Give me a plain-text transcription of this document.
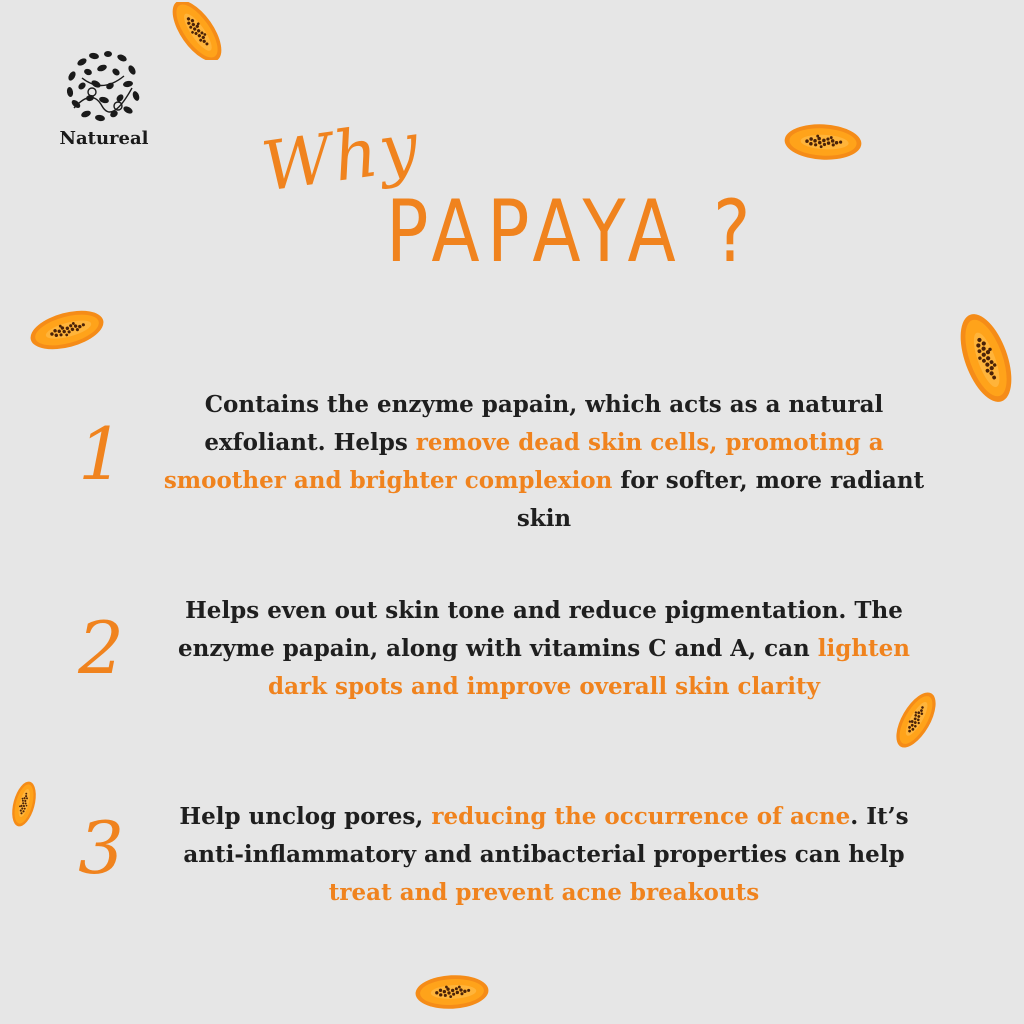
Natureal Why
PAPAYA ?
1
Contains the enzyme papain, which acts as a natural exfoliant. Helps remove dead skin cells, promoting a smoother and brighter complexion for softer, more radiant skin
2	Helps even out skin tone and reduce pigmentation. The enzyme papain, along with vitamins C and A, can lighten dark spots and improve overall skin clarity
3	Help unclog pores, reducing the occurrence of acne. It’s anti-inflammatory and antibacterial properties can help treat and prevent acne breakouts
